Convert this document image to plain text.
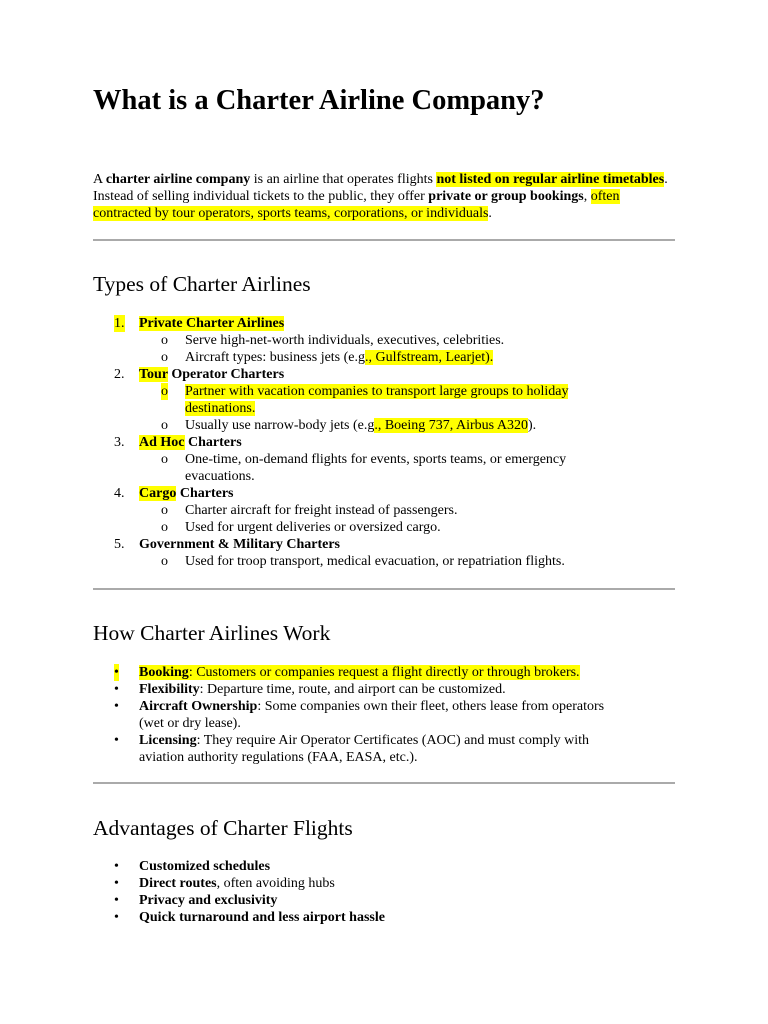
What is a Charter Airline Company?
A charter airline company is an airline that operates flights not listed on regular airline timetables. Instead of selling individual tickets to the public, they offer private or group bookings, often contracted by tour operators, sports teams, corporations, or individuals.
Types of Charter Airlines
1. Private Charter Airlines
o Serve high-net-worth individuals, executives, celebrities.
o Aircraft types: business jets (e.g., Gulfstream, Learjet).
2. Tour Operator Charters
o Partner with vacation companies to transport large groups to holiday
destinations.
o Usually use narrow-body jets (e.g., Boeing 737, Airbus A320).
3. Ad Hoc Charters
o One-time, on-demand flights for events, sports teams, or emergency
evacuations.
4. Cargo Charters
o Charter aircraft for freight instead of passengers.
o Used for urgent deliveries or oversized cargo.
5. Government & Military Charters
o Used for troop transport, medical evacuation, or repatriation flights.
How Charter Airlines Work
• Booking: Customers or companies request a flight directly or through brokers.
• Flexibility: Departure time, route, and airport can be customized.
• Aircraft Ownership: Some companies own their fleet, others lease from operators
(wet or dry lease).
• Licensing: They require Air Operator Certificates (AOC) and must comply with
aviation authority regulations (FAA, EASA, etc.).
Advantages of Charter Flights
• Customized schedules
• Direct routes, often avoiding hubs
• Privacy and exclusivity
• Quick turnaround and less airport hassle
